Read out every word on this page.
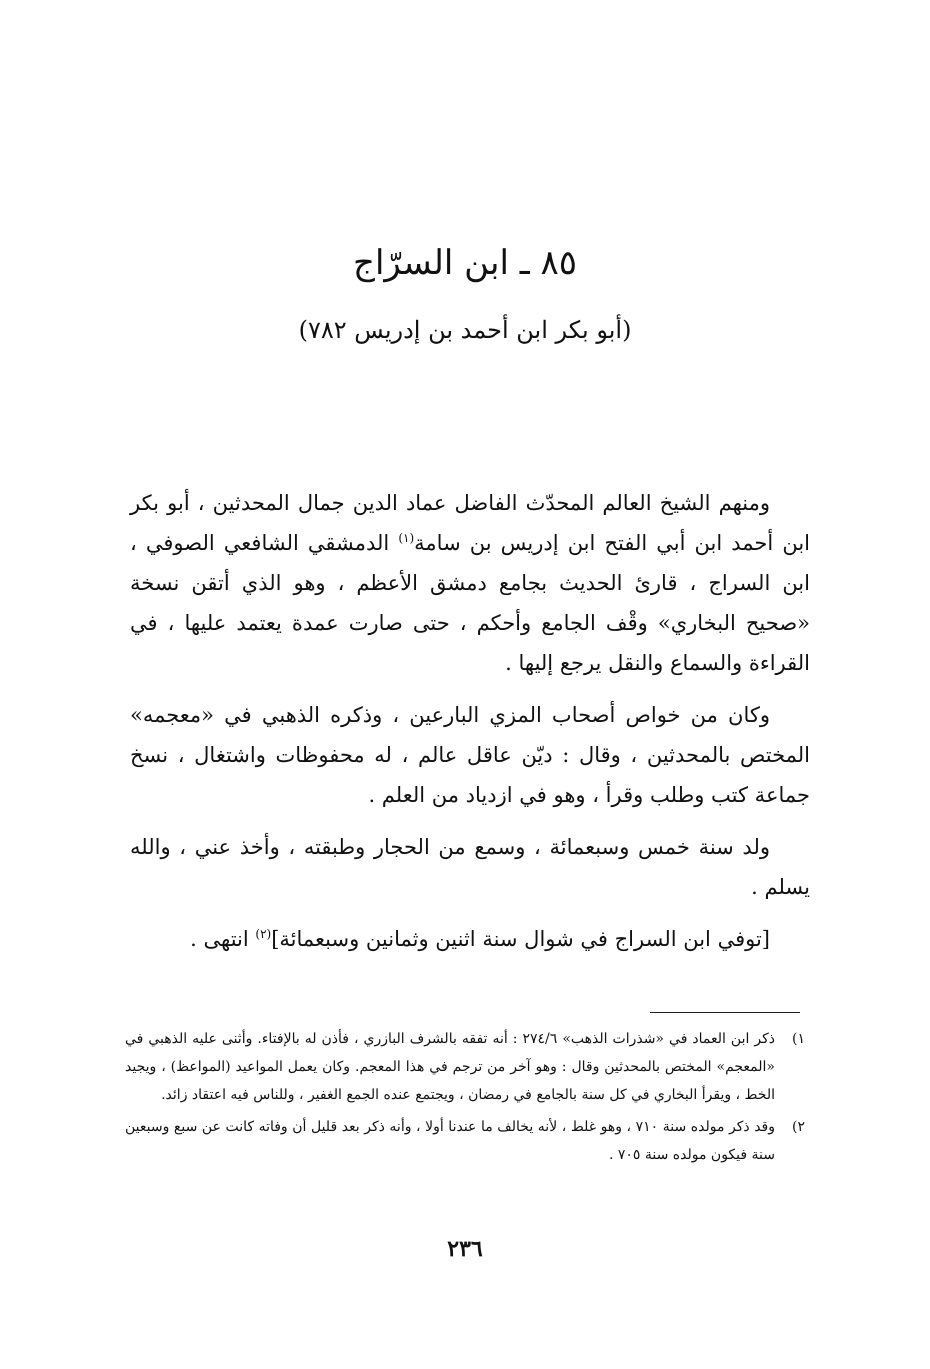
٨٥ ـ ابن السرّاج
(أبو بكر ابن أحمد بن إدريس ٧٨٢)

ومنهم الشيخ العالم المحدّث الفاضل عماد الدين جمال المحدثين ، أبو بكر ابن أحمد ابن أبي الفتح ابن إدريس بن سامة$^{(١)}$ الدمشقي الشافعي الصوفي ، ابن السراج ، قارئ الحديث بجامع دمشق الأعظم ، وهو الذي أتقن نسخة «صحيح البخاري» وقْف الجامع وأحكم ، حتى صارت عمدة يعتمد عليها ، في القراءة والسماع والنقل يرجع إليها .

وكان من خواص أصحاب المزي البارعين ، وذكره الذهبي في «معجمه» المختص بالمحدثين ، وقال : ديّن عاقل عالم ، له محفوظات واشتغال ، نسخ جماعة كتب وطلب وقرأ ، وهو في ازدياد من العلم .

ولد سنة خمس وسبعمائة ، وسمع من الحجار وطبقته ، وأخذ عني ، والله يسلم .

[توفي ابن السراج في شوال سنة اثنين وثمانين وسبعمائة]$^{(٢)}$ انتهى .

١)
ذكر ابن العماد في «شذرات الذهب» ٢٧٤/٦ : أنه تفقه بالشرف البازري ، فأذن له بالإفتاء. وأثنى عليه الذهبي في «المعجم» المختص بالمحدثين وقال : وهو آخر من ترجم في هذا المعجم. وكان يعمل المواعيد (المواعظ) ، ويجيد الخط ، ويقرأ البخاري في كل سنة بالجامع في رمضان ، ويجتمع عنده الجمع الغفير ، وللناس فيه اعتقاد زائد.
٢)
وقد ذكر مولده سنة ٧١٠ ، وهو غلط ، لأنه يخالف ما عندنا أولا ، وأنه ذكر بعد قليل أن وفاته كانت عن سبع وسبعين سنة فيكون مولده سنة ٧٠٥ .
٢٣٦
